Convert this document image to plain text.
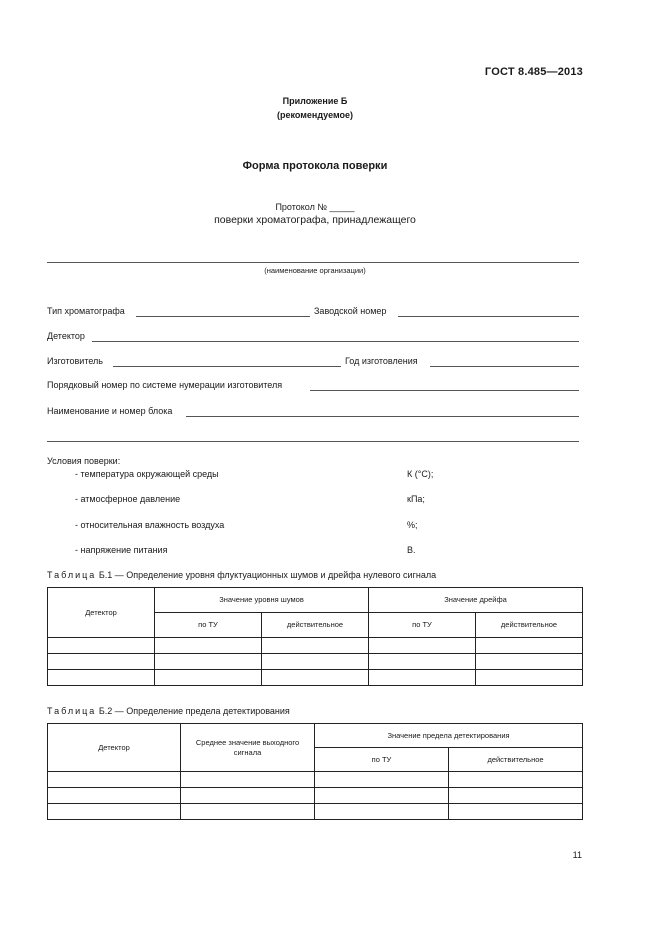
ГОСТ 8.485—2013
Приложение Б
(рекомендуемое)
Форма протокола поверки
Протокол № _____
поверки хроматографа, принадлежащего
(наименование организации)
Тип хроматографа	Заводской номер
Детектор
Изготовитель	Год изготовления
Порядковый номер по системе нумерации изготовителя
Наименование и номер блока
Условия поверки:
- температура окружающей среды	К (°С);
- атмосферное давление	кПа;
- относительная влажность воздуха	%;
- напряжение питания	В.
Таблица Б.1 — Определение уровня флуктуационных шумов и дрейфа нулевого сигнала
Детектор	Значение уровня шумов		Значение дрейфа	
	по ТУ	действительное	по ТУ	действительное

Таблица Б.2 — Определение предела детектирования
Детектор	Среднее значение выходного сигнала	Значение предела детектирования	
		по ТУ	действительное

11
